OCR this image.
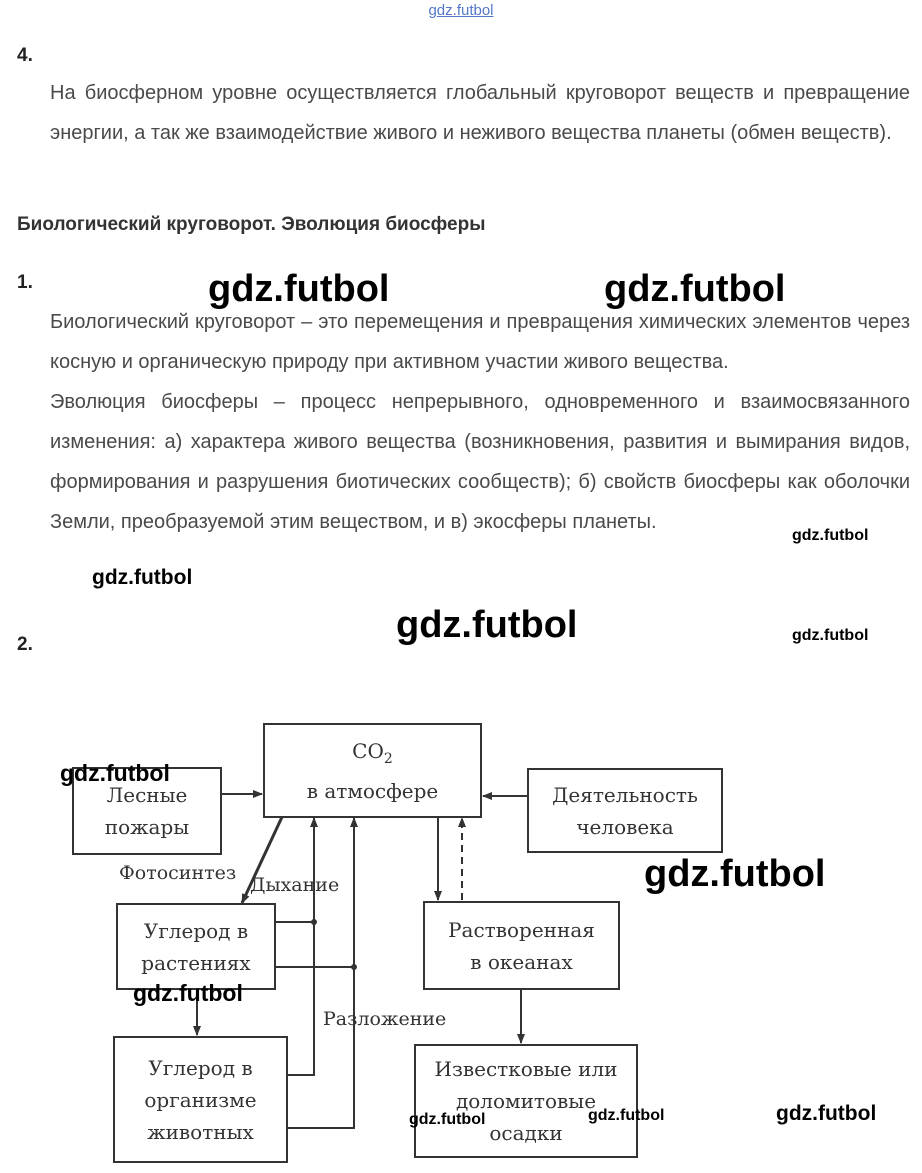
gdz.futbol
4.

На биосферном уровне осуществляется глобальный круговорот веществ и превращение энергии, а так же взаимодействие живого и неживого вещества планеты (обмен веществ).

Биологический круговорот. Эволюция биосферы
1.

Биологический круговорот – это перемещения и превращения химических элементов через косную и органическую природу при активном участии живого вещества.

Эволюция биосферы – процесс непрерывного, одновременного и взаимосвязанного изменения: а) характера живого вещества (возникновения, развития и вымирания видов, формирования и разрушения биотических сообществ); б) свойств биосферы как оболочки Земли, преобразуемой этим веществом, и в) экосферы планеты.

2.
$CO_2$
в атмосфере
Лесные
пожары
Деятельность
человека
Углерод в
растениях
Растворенная
в океанах
Углерод в
организме
животных
Известковые или
доломитовые
осадки
Фотосинтез
Дыхание
Разложение
gdz.futbol	gdz.futbol
gdz.futbol
gdz.futbol
gdz.futbol	gdz.futbol
gdz.futbol
gdz.futbol
gdz.futbol
gdz.futbol	gdz.futbol	gdz.futbol
